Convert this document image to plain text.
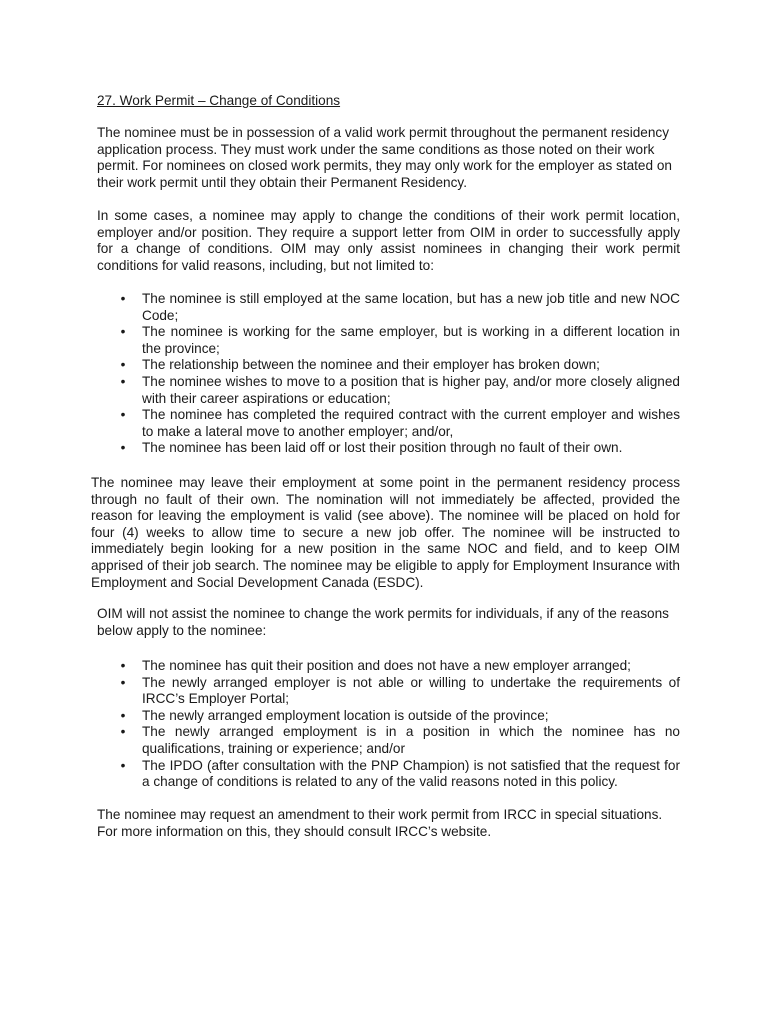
27. Work Permit – Change of Conditions

The nominee must be in possession of a valid work permit throughout the permanent residency application process. They must work under the same conditions as those noted on their work permit. For nominees on closed work permits, they may only work for the employer as stated on their work permit until they obtain their Permanent Residency.

In some cases, a nominee may apply to change the conditions of their work permit location, employer and/or position. They require a support letter from OIM in order to successfully apply for a change of conditions. OIM may only assist nominees in changing their work permit conditions for valid reasons, including, but not limited to:

• The nominee is still employed at the same location, but has a new job title and new NOC Code;
• The nominee is working for the same employer, but is working in a different location in the province;
• The relationship between the nominee and their employer has broken down;
• The nominee wishes to move to a position that is higher pay, and/or more closely aligned with their career aspirations or education;
• The nominee has completed the required contract with the current employer and wishes to make a lateral move to another employer; and/or,
• The nominee has been laid off or lost their position through no fault of their own.

The nominee may leave their employment at some point in the permanent residency process through no fault of their own. The nomination will not immediately be affected, provided the reason for leaving the employment is valid (see above). The nominee will be placed on hold for four (4) weeks to allow time to secure a new job offer. The nominee will be instructed to immediately begin looking for a new position in the same NOC and field, and to keep OIM apprised of their job search. The nominee may be eligible to apply for Employment Insurance with Employment and Social Development Canada (ESDC).

OIM will not assist the nominee to change the work permits for individuals, if any of the reasons below apply to the nominee:

• The nominee has quit their position and does not have a new employer arranged;
• The newly arranged employer is not able or willing to undertake the requirements of IRCC’s Employer Portal;
• The newly arranged employment location is outside of the province;
• The newly arranged employment is in a position in which the nominee has no qualifications, training or experience; and/or
• The IPDO (after consultation with the PNP Champion) is not satisfied that the request for a change of conditions is related to any of the valid reasons noted in this policy.

The nominee may request an amendment to their work permit from IRCC in special situations. For more information on this, they should consult IRCC’s website.
